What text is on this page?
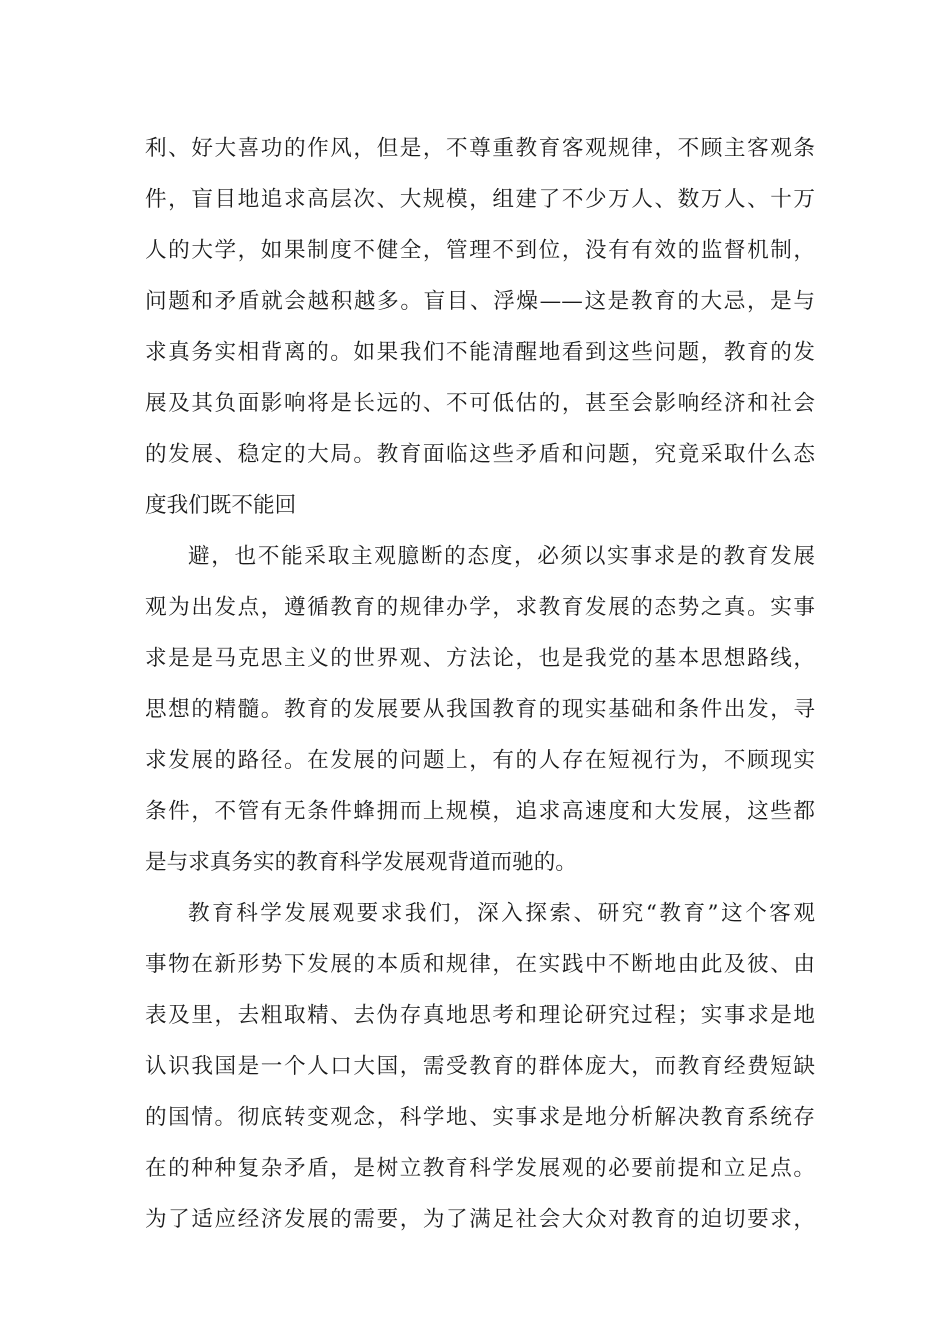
利、好大喜功的作风，但是，不尊重教育客观规律，不顾主客观条
件，盲目地追求高层次、大规模，组建了不少万人、数万人、十万
人的大学，如果制度不健全，管理不到位，没有有效的监督机制，
问题和矛盾就会越积越多。盲目、浮燥——这是教育的大忌，是与
求真务实相背离的。如果我们不能清醒地看到这些问题，教育的发
展及其负面影响将是长远的、不可低估的，甚至会影响经济和社会
的发展、稳定的大局。教育面临这些矛盾和问题，究竟采取什么态
度我们既不能回
避，也不能采取主观臆断的态度，必须以实事求是的教育发展
观为出发点，遵循教育的规律办学，求教育发展的态势之真。实事
求是是马克思主义的世界观、方法论，也是我党的基本思想路线，
思想的精髓。教育的发展要从我国教育的现实基础和条件出发，寻
求发展的路径。在发展的问题上，有的人存在短视行为，不顾现实
条件，不管有无条件蜂拥而上规模，追求高速度和大发展，这些都
是与求真务实的教育科学发展观背道而驰的。
教育科学发展观要求我们，深入探索、研究“教育”这个客观
事物在新形势下发展的本质和规律，在实践中不断地由此及彼、由
表及里，去粗取精、去伪存真地思考和理论研究过程；实事求是地
认识我国是一个人口大国，需受教育的群体庞大，而教育经费短缺
的国情。彻底转变观念，科学地、实事求是地分析解决教育系统存
在的种种复杂矛盾，是树立教育科学发展观的必要前提和立足点。
为了适应经济发展的需要，为了满足社会大众对教育的迫切要求，
